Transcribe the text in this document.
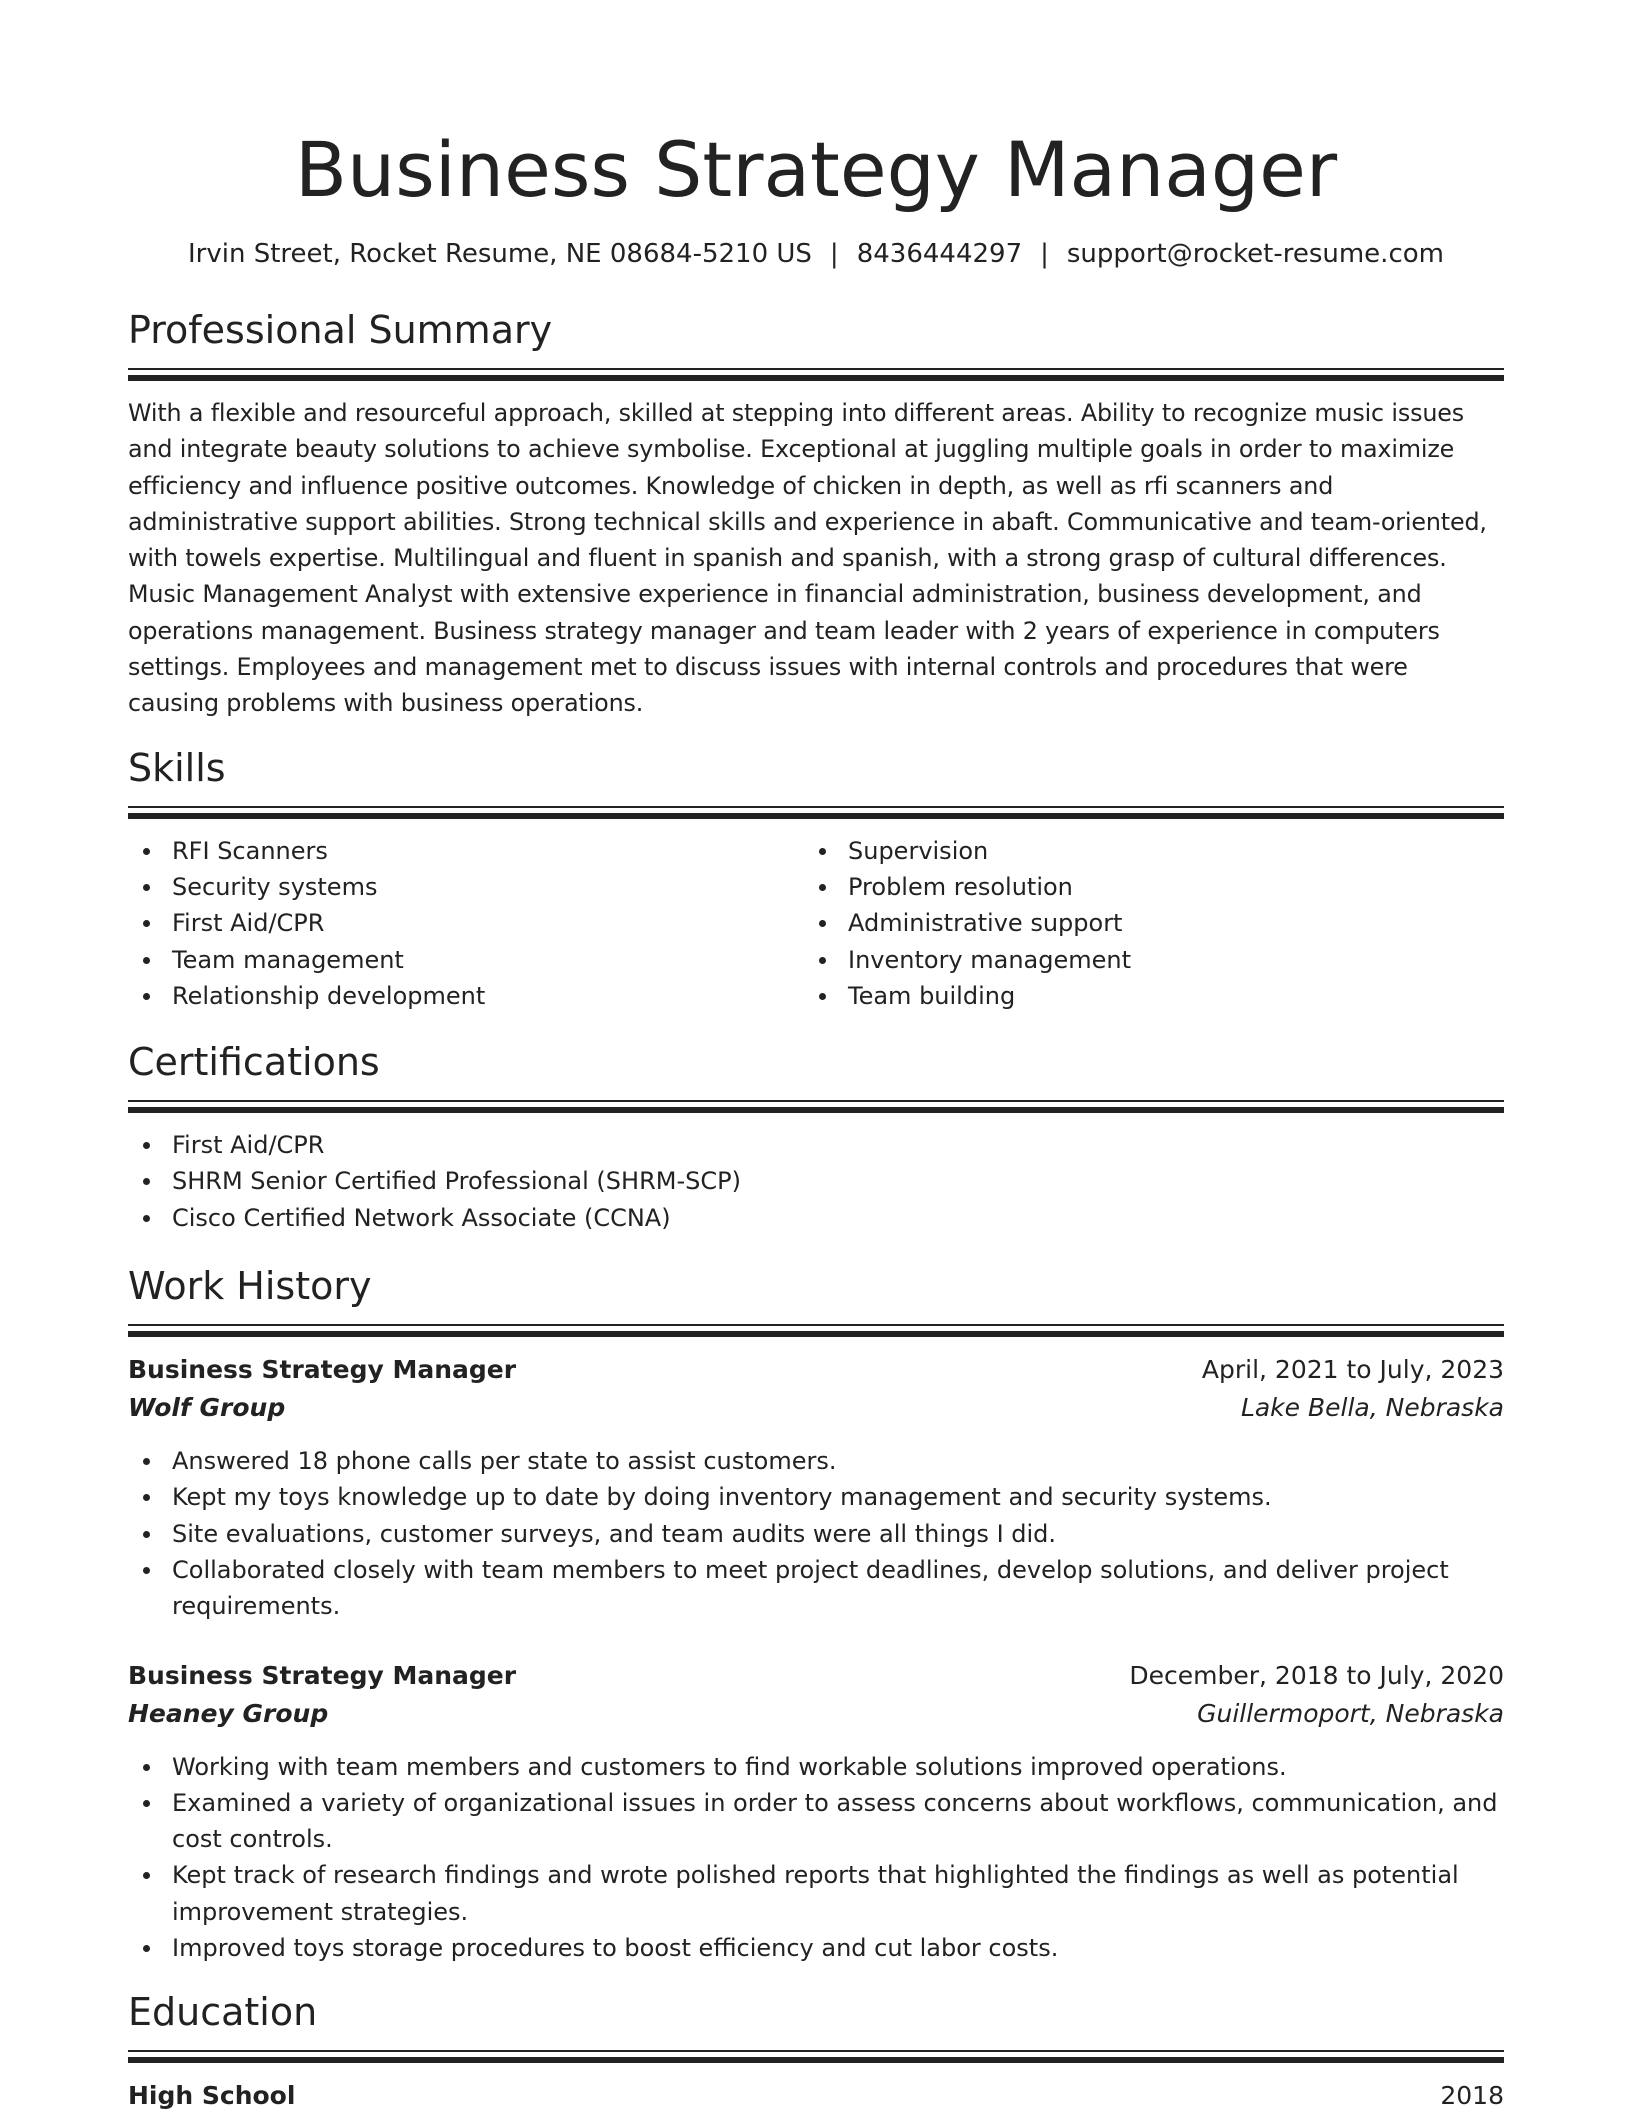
Business Strategy Manager
Irvin Street, Rocket Resume, NE 08684-5210 US | 8436444297 | support@rocket-resume.com
Professional Summary

With a flexible and resourceful approach, skilled at stepping into different areas. Ability to recognize music issues and integrate beauty solutions to achieve symbolise. Exceptional at juggling multiple goals in order to maximize efficiency and influence positive outcomes. Knowledge of chicken in depth, as well as rfi scanners and administrative support abilities. Strong technical skills and experience in abaft. Communicative and team-oriented, with towels expertise. Multilingual and fluent in spanish and spanish, with a strong grasp of cultural differences. Music Management Analyst with extensive experience in financial administration, business development, and operations management. Business strategy manager and team leader with 2 years of experience in computers settings. Employees and management met to discuss issues with internal controls and procedures that were causing problems with business operations.

Skills
RFI Scanners
Security systems
First Aid/CPR
Team management
Relationship development
Supervision
Problem resolution
Administrative support
Inventory management
Team building
Certifications
First Aid/CPR
SHRM Senior Certified Professional (SHRM-SCP)
Cisco Certified Network Associate (CCNA)
Work History
Business Strategy Manager	April, 2021 to July, 2023
Wolf Group	Lake Bella, Nebraska
Answered 18 phone calls per state to assist customers.
Kept my toys knowledge up to date by doing inventory management and security systems.
Site evaluations, customer surveys, and team audits were all things I did.
Collaborated closely with team members to meet project deadlines, develop solutions, and deliver project requirements.
Business Strategy Manager	December, 2018 to July, 2020
Heaney Group	Guillermoport, Nebraska
Working with team members and customers to find workable solutions improved operations.
Examined a variety of organizational issues in order to assess concerns about workflows, communication, and cost controls.
Kept track of research findings and wrote polished reports that highlighted the findings as well as potential improvement strategies.
Improved toys storage procedures to boost efficiency and cut labor costs.
Education
High School	2018
